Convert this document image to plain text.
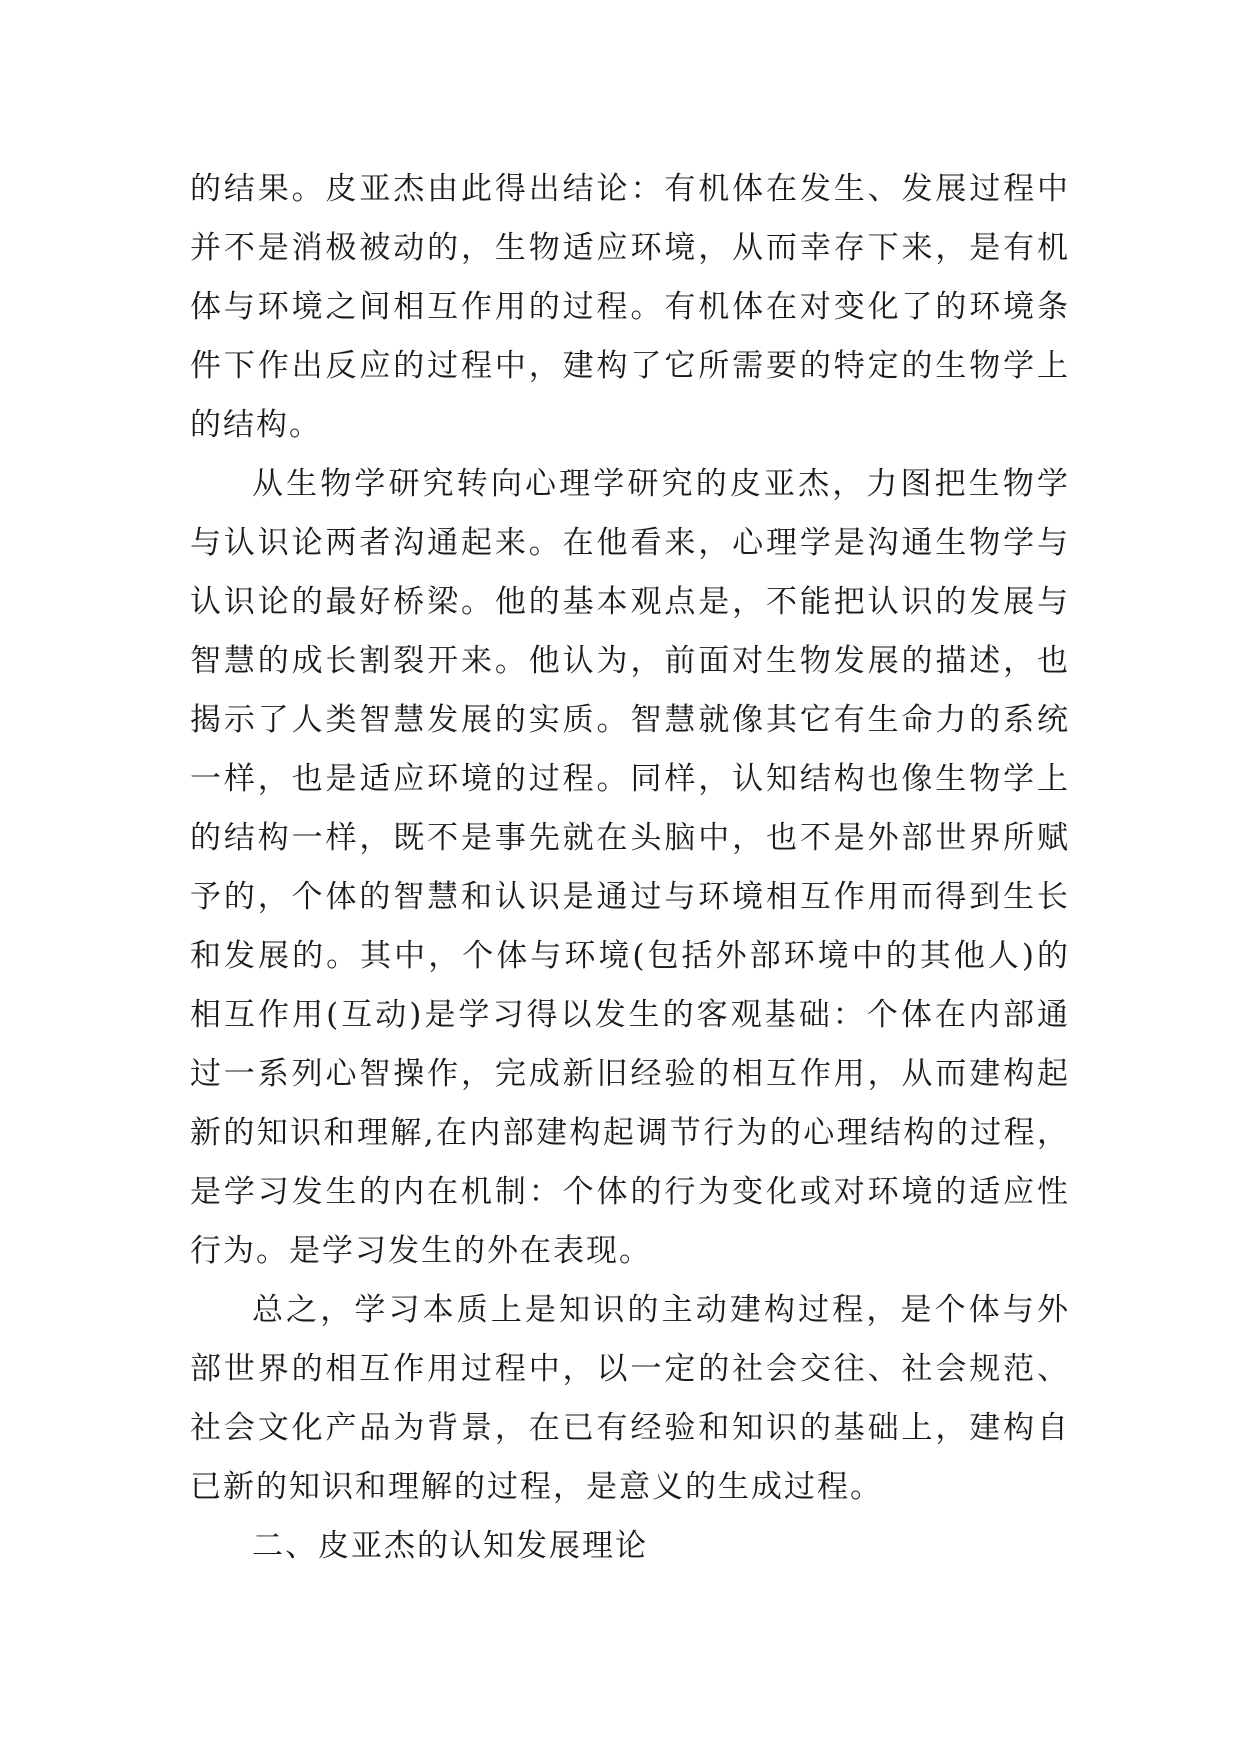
的结果。皮亚杰由此得出结论：有机体在发生、发展过程中
并不是消极被动的，生物适应环境，从而幸存下来，是有机
体与环境之间相互作用的过程。有机体在对变化了的环境条
件下作出反应的过程中，建构了它所需要的特定的生物学上
的结构。
从生物学研究转向心理学研究的皮亚杰，力图把生物学
与认识论两者沟通起来。在他看来，心理学是沟通生物学与
认识论的最好桥梁。他的基本观点是，不能把认识的发展与
智慧的成长割裂开来。他认为，前面对生物发展的描述，也
揭示了人类智慧发展的实质。智慧就像其它有生命力的系统
一样，也是适应环境的过程。同样，认知结构也像生物学上
的结构一样，既不是事先就在头脑中，也不是外部世界所赋
予的，个体的智慧和认识是通过与环境相互作用而得到生长
和发展的。其中，个体与环境(包括外部环境中的其他人)的
相互作用(互动)是学习得以发生的客观基础：个体在内部通
过一系列心智操作，完成新旧经验的相互作用，从而建构起
新的知识和理解,在内部建构起调节行为的心理结构的过程，
是学习发生的内在机制：个体的行为变化或对环境的适应性
行为。是学习发生的外在表现。
总之，学习本质上是知识的主动建构过程，是个体与外
部世界的相互作用过程中，以一定的社会交往、社会规范、
社会文化产品为背景，在已有经验和知识的基础上，建构自
已新的知识和理解的过程，是意义的生成过程。
二、皮亚杰的认知发展理论
